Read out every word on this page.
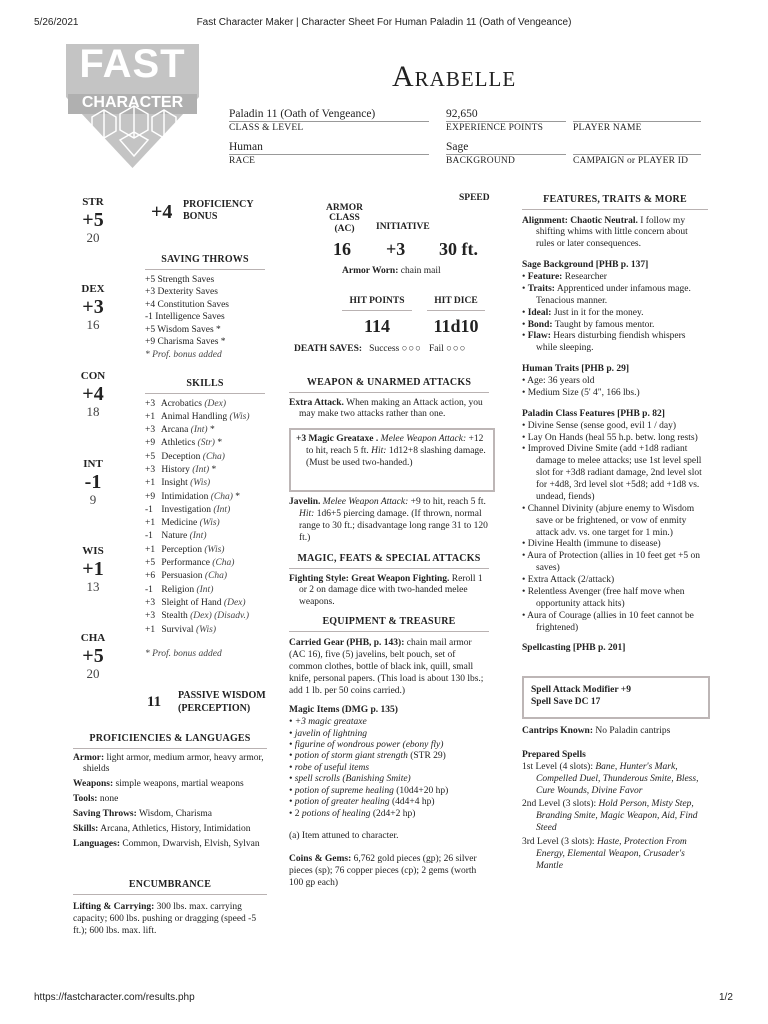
5/26/2021	Fast Character Maker | Character Sheet For Human Paladin 11 (Oath of Vengeance)
FAST
CHARACTER
Arabelle
Paladin 11 (Oath of Vengeance)
CLASS & LEVEL
92,650
EXPERIENCE POINTS
	PLAYER NAME
Human
RACE
Sage
BACKGROUND
	CAMPAIGN or PLAYER ID
STR
+5
20
DEX
+3
16
CON
+4
18
INT
-1
9
WIS
+1
13
CHA
+5
20
+4 PROFICIENCY
BONUS
SAVING THROWS
+5 Strength Saves
+3 Dexterity Saves
+4 Constitution Saves
-1 Intelligence Saves
+5 Wisdom Saves *
+9 Charisma Saves *
* Prof. bonus added
SKILLS
+3 Acrobatics (Dex)
+1 Animal Handling (Wis)
+3 Arcana (Int) *
+9 Athletics (Str) *
+5 Deception (Cha)
+3 History (Int) *
+1 Insight (Wis)
+9 Intimidation (Cha) *
-1 Investigation (Int)
+1 Medicine (Wis)
-1 Nature (Int)
+1 Perception (Wis)
+5 Performance (Cha)
+6 Persuasion (Cha)
-1 Religion (Int)
+3 Sleight of Hand (Dex)
+3 Stealth (Dex) (Disadv.)
+1 Survival (Wis)
* Prof. bonus added
11 PASSIVE WISDOM
(PERCEPTION)
PROFICIENCIES & LANGUAGES
Armor: light armor, medium armor, heavy armor, shields
Weapons: simple weapons, martial weapons
Tools: none
Saving Throws: Wisdom, Charisma
Skills: Arcana, Athletics, History, Intimidation
Languages: Common, Dwarvish, Elvish, Sylvan
ENCUMBRANCE
Lifting & Carrying: 300 lbs. max. carrying capacity; 600 lbs. pushing or dragging (speed -5 ft.); 600 lbs. max. lift.
ARMOR
CLASS
(AC)	INITIATIVE
SPEED
16 +3 30 ft.
Armor Worn: chain mail
HIT POINTS	HIT DICE
114	11d10
DEATH SAVES: Success ○○○ Fail ○○○
WEAPON & UNARMED ATTACKS
Extra Attack. When making an Attack action, you may make two attacks rather than one.
+3 Magic Greataxe . Melee Weapon Attack: +12 to hit, reach 5 ft. Hit: 1d12+8 slashing damage. (Must be used two-handed.)
Javelin. Melee Weapon Attack: +9 to hit, reach 5 ft. Hit: 1d6+5 piercing damage. (If thrown, normal range to 30 ft.; disadvantage long range 31 to 120 ft.)
MAGIC, FEATS & SPECIAL ATTACKS
Fighting Style: Great Weapon Fighting. Reroll 1 or 2 on damage dice with two-handed melee weapons.
EQUIPMENT & TREASURE
Carried Gear (PHB, p. 143): chain mail armor (AC 16), five (5) javelins, belt pouch, set of common clothes, bottle of black ink, quill, small knife, personal papers. (This load is about 130 lbs.; add 1 lb. per 50 coins carried.)
Magic Items (DMG p. 135)
• +3 magic greataxe
• javelin of lightning
• figurine of wondrous power (ebony fly)
• potion of storm giant strength (STR 29)
• robe of useful items
• spell scrolls (Banishing Smite)
• potion of supreme healing (10d4+20 hp)
• potion of greater healing (4d4+4 hp)
• 2 potions of healing (2d4+2 hp)
(a) Item attuned to character.
Coins & Gems: 6,762 gold pieces (gp); 26 silver pieces (sp); 76 copper pieces (cp); 2 gems (worth 100 gp each)
FEATURES, TRAITS & MORE
Alignment: Chaotic Neutral. I follow my shifting whims with little concern about rules or later consequences.
Sage Background [PHB p. 137]
• Feature: Researcher
• Traits: Apprenticed under infamous mage. Tenacious manner.
• Ideal: Just in it for the money.
• Bond: Taught by famous mentor.
• Flaw: Hears disturbing fiendish whispers while sleeping.
Human Traits [PHB p. 29]
• Age: 36 years old
• Medium Size (5' 4", 166 lbs.)
Paladin Class Features [PHB p. 82]
• Divine Sense (sense good, evil 1 / day)
• Lay On Hands (heal 55 h.p. betw. long rests)
• Improved Divine Smite (add +1d8 radiant damage to melee attacks; use 1st level spell slot for +3d8 radiant damage, 2nd level slot for +4d8, 3rd level slot +5d8; add +1d8 vs. undead, fiends)
• Channel Divinity (abjure enemy to Wisdom save or be frightened, or vow of enmity attack adv. vs. one target for 1 min.)
• Divine Health (immune to disease)
• Aura of Protection (allies in 10 feet get +5 on saves)
• Extra Attack (2/attack)
• Relentless Avenger (free half move when opportunity attack hits)
• Aura of Courage (allies in 10 feet cannot be frightened)
Spellcasting [PHB p. 201]
Spell Attack Modifier +9
Spell Save DC 17
Cantrips Known: No Paladin cantrips
Prepared Spells
1st Level (4 slots): Bane, Hunter's Mark, Compelled Duel, Thunderous Smite, Bless, Cure Wounds, Divine Favor
2nd Level (3 slots): Hold Person, Misty Step, Branding Smite, Magic Weapon, Aid, Find Steed
3rd Level (3 slots): Haste, Protection From Energy, Elemental Weapon, Crusader's Mantle
https://fastcharacter.com/results.php	1/2
